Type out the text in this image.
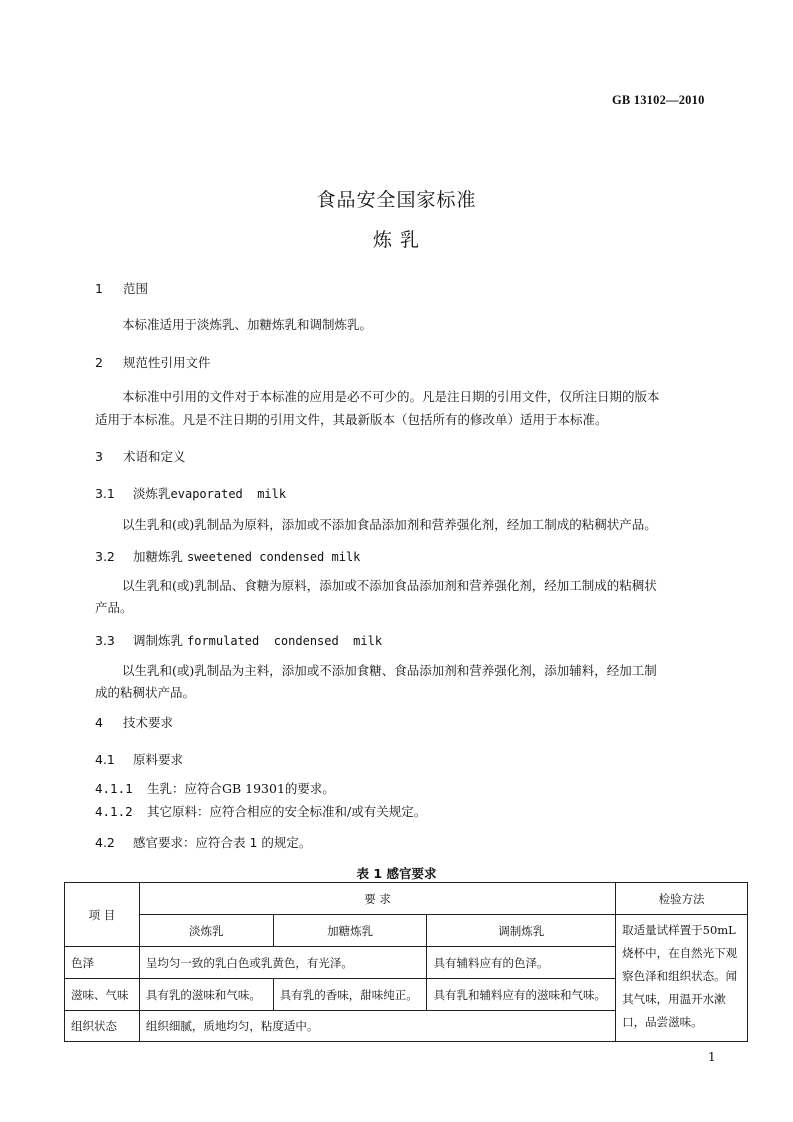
GB 13102—2010
食品安全国家标准
炼 乳
1 范围
本标准适用于淡炼乳、加糖炼乳和调制炼乳。
2 规范性引用文件
本标准中引用的文件对于本标准的应用是必不可少的。凡是注日期的引用文件，仅所注日期的版本
适用于本标准。凡是不注日期的引用文件，其最新版本（包括所有的修改单）适用于本标准。
3 术语和定义
3.1 淡炼乳evaporated  milk
以生乳和(或)乳制品为原料，添加或不添加食品添加剂和营养强化剂，经加工制成的粘稠状产品。
3.2 加糖炼乳 sweetened condensed milk
以生乳和(或)乳制品、食糖为原料，添加或不添加食品添加剂和营养强化剂，经加工制成的粘稠状
产品。
3.3 调制炼乳 formulated  condensed  milk
以生乳和(或)乳制品为主料，添加或不添加食糖、食品添加剂和营养强化剂，添加辅料，经加工制
成的粘稠状产品。
4 技术要求
4.1 原料要求
4.1.1 生乳：应符合GB 19301的要求。
4.1.2 其它原料：应符合相应的安全标准和/或有关规定。
4.2 感官要求：应符合表 1 的规定。
表 1 感官要求
项 目	要 求			检验方法
	淡炼乳	加糖炼乳	调制炼乳	取适量试样置于50mL
烧杯中，在自然光下观
察色泽和组织状态。闻
其气味，用温开水漱
口，品尝滋味。

色泽	呈均匀一致的乳白色或乳黄色，有光泽。		具有辅料应有的色泽。	
滋味、气味	具有乳的滋味和气味。	具有乳的香味，甜味纯正。	具有乳和辅料应有的滋味和气味。	
组织状态	组织细腻，质地均匀，粘度适中。			
1
